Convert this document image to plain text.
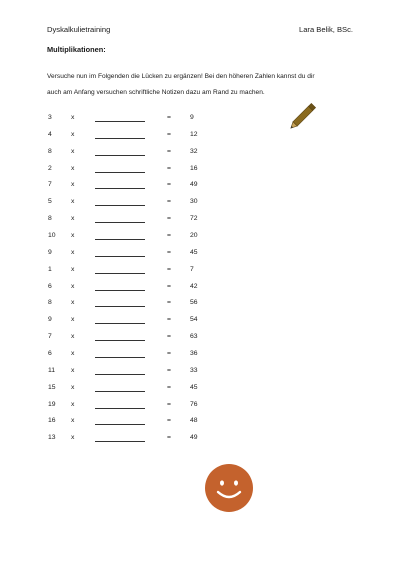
Dyskalkulietraining	Lara Belik, BSc.
Multiplikationen:
Versuche nun im Folgenden die Lücken zu ergänzen! Bei den höheren Zahlen kannst du dir
auch am Anfang versuchen schriftliche Notizen dazu am Rand zu machen.
3	x	=	9
4	x	=	12
8	x	=	32
2	x	=	16
7	x	=	49
5	x	=	30
8	x	=	72
10 x	=	20
9	x	=	45
1	x	=	7
6	x	=	42
8	x	=	56
9	x	=	54
7	x	=	63
6	x	=	36
11 x	=	33
15 x	=	45
19 x	=	76
16 x	=	48
13 x	=	49
